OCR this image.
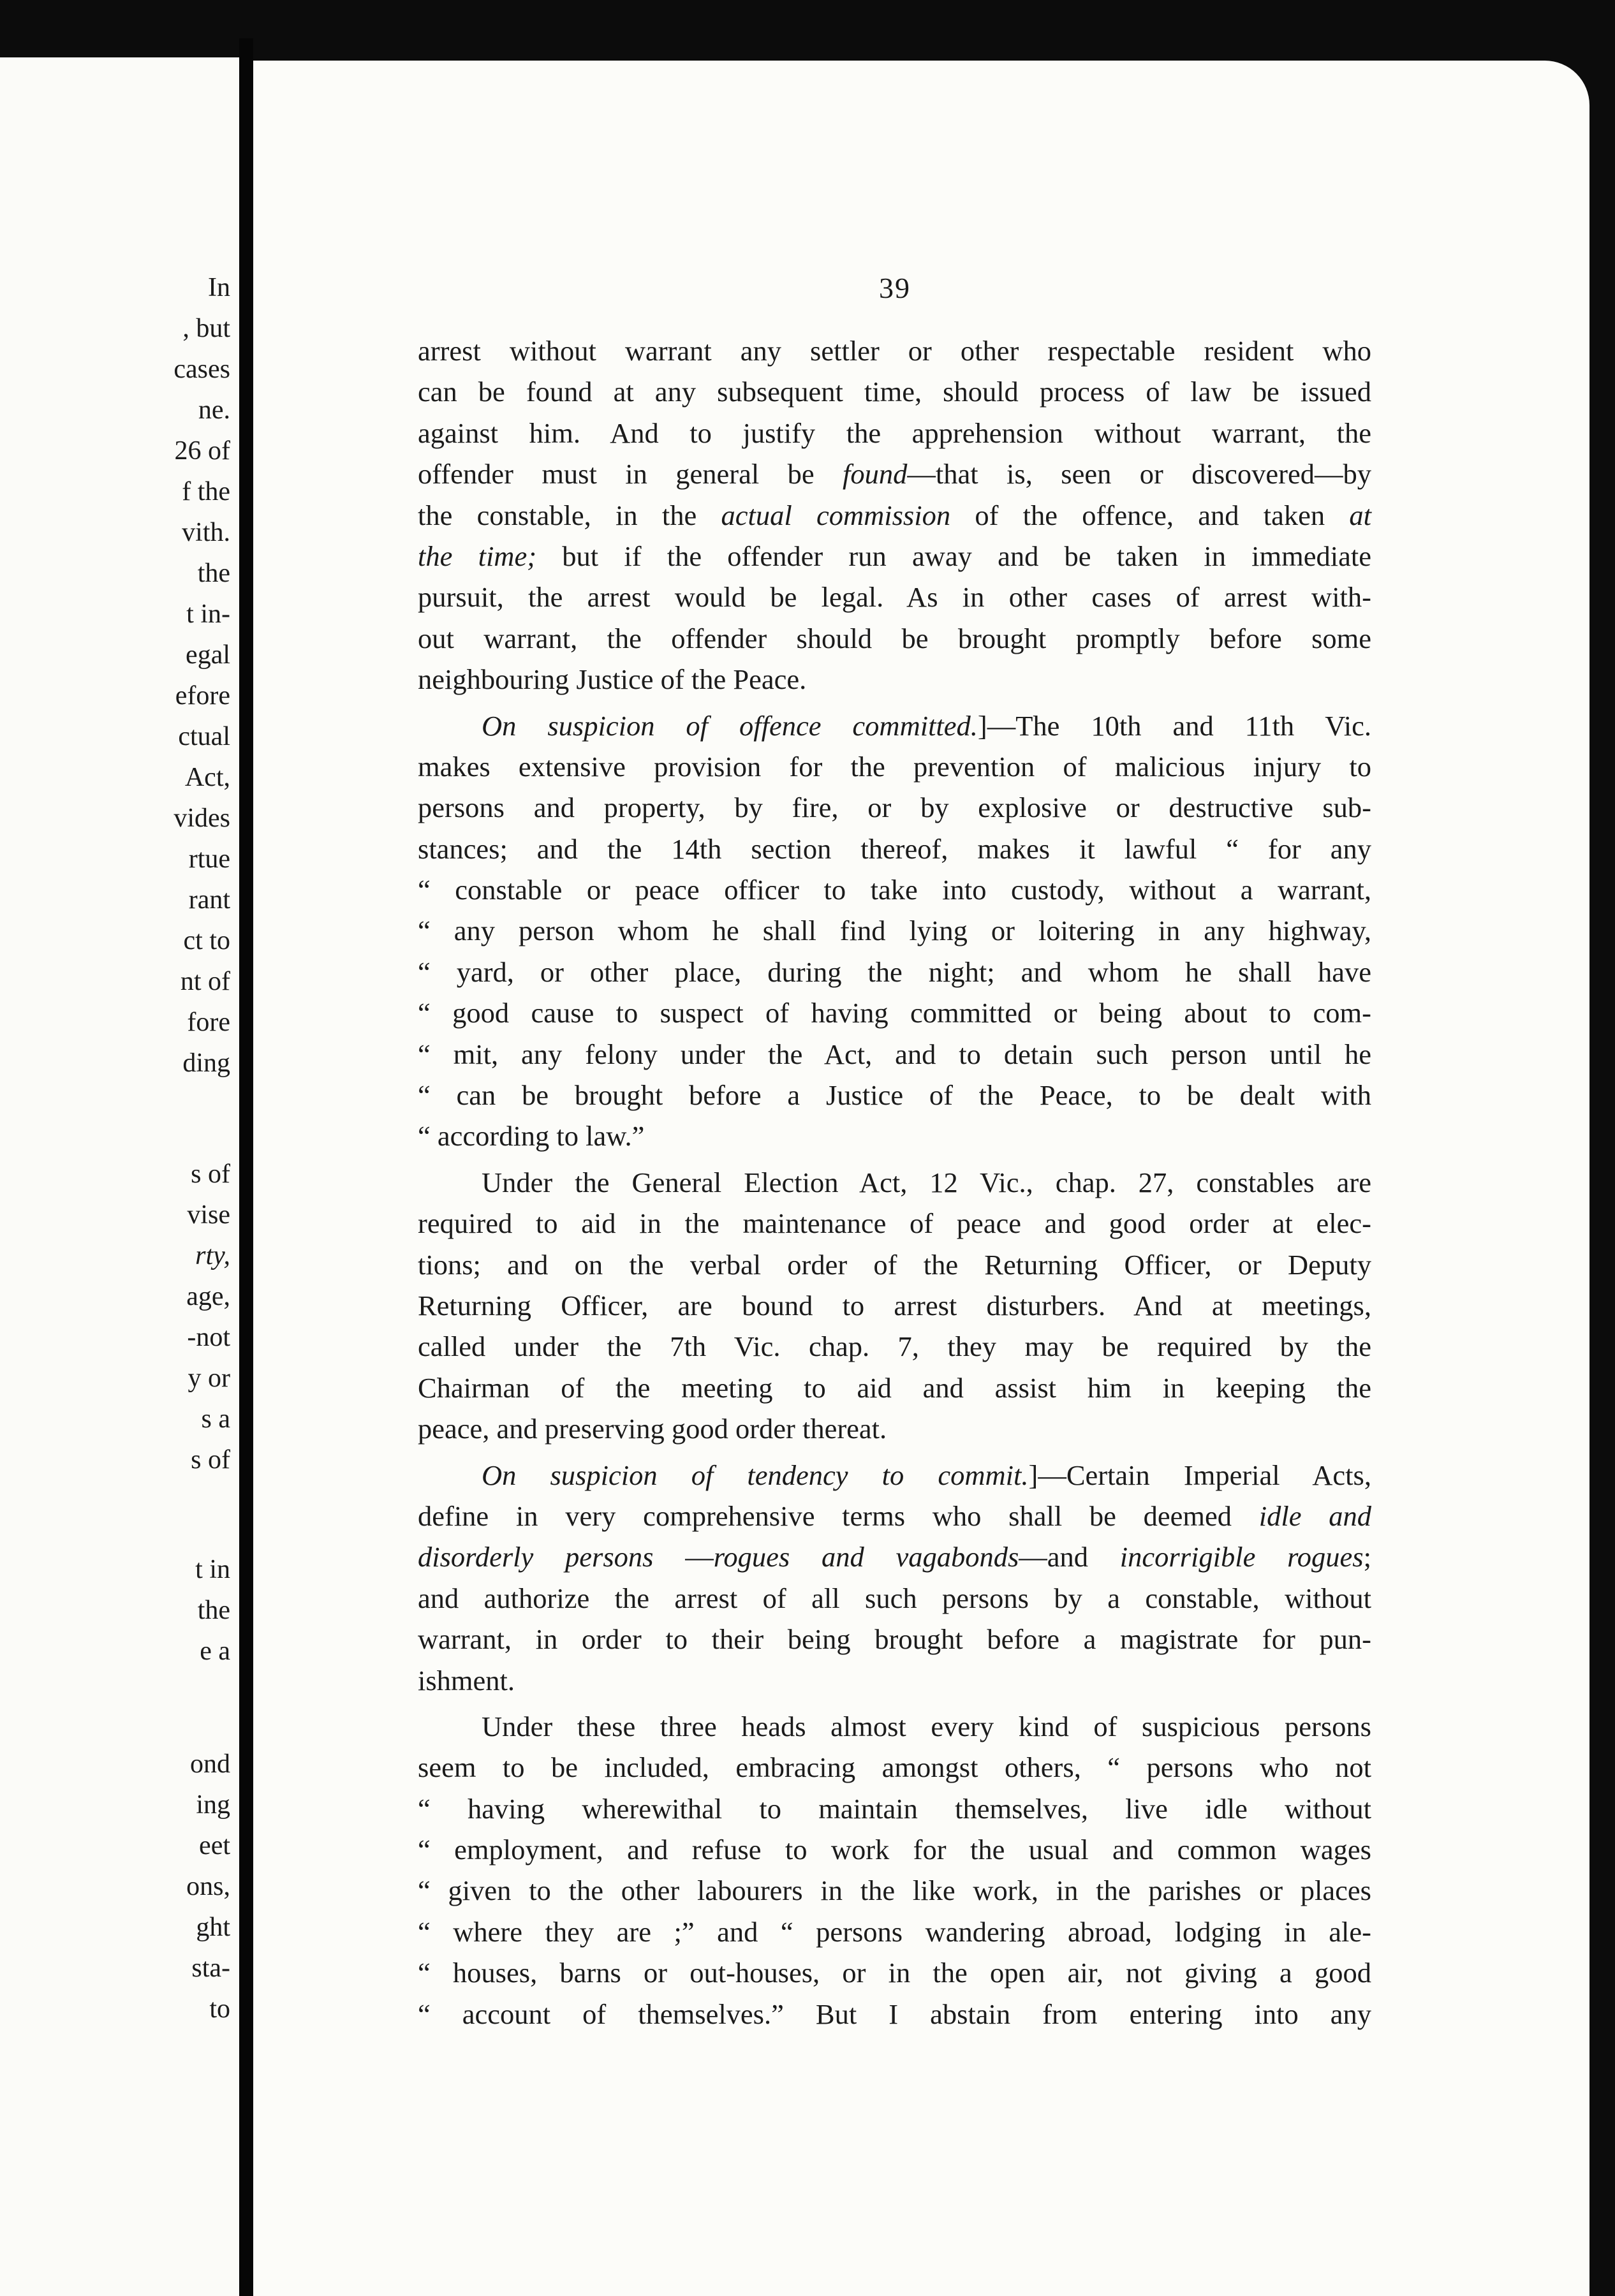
In
, but
cases
ne.
26 of
f the
vith.
the
t in-
egal
efore
ctual
Act,
vides
rtue
rant
ct to
nt of
fore
ding
s of
vise
rty,
age,
-not
y or
s a
s of
t in
the
e a
ond
ing
eet
ons,
ght
sta-
to
39
arrest without warrant any settler or other respectable resident who
can be found at any subsequent time, should process of law be issued
against him. And to justify the apprehension without warrant, the
offender must in general be found—that is, seen or discovered—by
the constable, in the actual commission of the offence, and taken at
the time; but if the offender run away and be taken in immediate
pursuit, the arrest would be legal. As in other cases of arrest with-
out warrant, the offender should be brought promptly before some
neighbouring Justice of the Peace.
On suspicion of offence committed.]—The 10th and 11th Vic.
makes extensive provision for the prevention of malicious injury to
persons and property, by fire, or by explosive or destructive sub-
stances; and the 14th section thereof, makes it lawful “ for any
“ constable or peace officer to take into custody, without a warrant,
“ any person whom he shall find lying or loitering in any highway,
“ yard, or other place, during the night; and whom he shall have
“ good cause to suspect of having committed or being about to com-
“ mit, any felony under the Act, and to detain such person until he
“ can be brought before a Justice of the Peace, to be dealt with
“ according to law.”
Under the General Election Act, 12 Vic., chap. 27, constables are
required to aid in the maintenance of peace and good order at elec-
tions; and on the verbal order of the Returning Officer, or Deputy
Returning Officer, are bound to arrest disturbers. And at meetings,
called under the 7th Vic. chap. 7, they may be required by the
Chairman of the meeting to aid and assist him in keeping the
peace, and preserving good order thereat.
On suspicion of tendency to commit.]—Certain Imperial Acts,
define in very comprehensive terms who shall be deemed idle and
disorderly persons —rogues and vagabonds—and incorrigible rogues;
and authorize the arrest of all such persons by a constable, without
warrant, in order to their being brought before a magistrate for pun-
ishment.
Under these three heads almost every kind of suspicious persons
seem to be included, embracing amongst others, “ persons who not
“ having wherewithal to maintain themselves, live idle without
“ employment, and refuse to work for the usual and common wages
“ given to the other labourers in the like work, in the parishes or places
“ where they are ;” and “ persons wandering abroad, lodging in ale-
“ houses, barns or out-houses, or in the open air, not giving a good
“ account of themselves.” But I abstain from entering into any
